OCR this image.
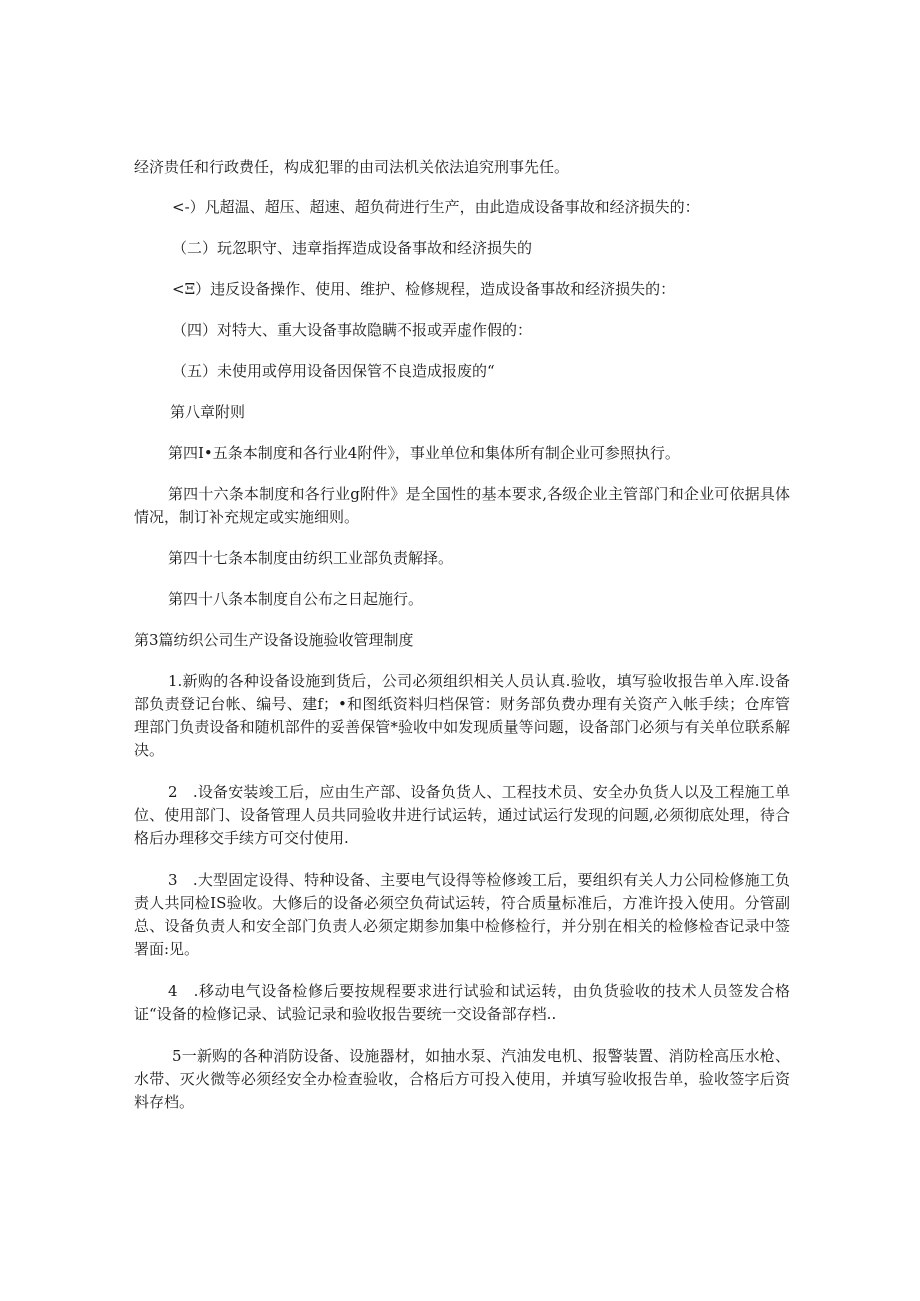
经济贵任和行政费任，构成犯罪的由司法机关依法追究刑事先任。

<-）凡超温、超压、超速、超负荷进行生产，由此造成设备事故和经济损失的：

（二）玩忽职守、违章指挥造成设备事故和经济损失的

<Ξ）违反设备操作、使用、维护、检修规程，造成设备事故和经济损失的：

（四）对特大、重大设备事故隐瞒不报或弄虚作假的：

（五）未使用或停用设备因保管不良造成报废的“

第八章附则

第四I•五条本制度和各行业4附件》，事业单位和集体所有制企业可参照执行。

第四十六条本制度和各行业g附件》是全国性的基本要求,各级企业主管部门和企业可依据具体情况，制订补充规定或实施细则。

第四十七条本制度由纺织工业部负责解择。

第四十八条本制度自公布之日起施行。

第3篇纺织公司生产设备设施验收管理制度

1.新购的各种设备设施到货后，公司必须组织相关人员认真.验收，填写验收报告单入库.设备部负责登记台帐、编号、建f；•和图纸资料归档保管：财务部负费办理有关资产入帐手续；仓库管理部门负责设备和随机部件的妥善保管*验收中如发现质量等问题，设备部门必须与有关单位联系解决。

2　.设备安装竣工后，应由生产部、设备负货人、工程技术员、安全办负货人以及工程施工单位、使用部门、设备管理人员共同验收井进行试运转，通过试运行发现的问题,必须彻底处理，待合格后办理移交手续方可交付使用.

3　.大型固定设得、特种设备、主要电气设得等检修竣工后，要组织有关人力公同检修施工负责人共同检IS验收。大修后的设备必须空负荷试运转，符合质量标准后，方准许投入使用。分管副总、设备负责人和安全部门负责人必须定期参加集中检修检行，并分别在相关的检修检杳记录中签署面:见。

4　.移动电气设备检修后要按规程要求进行试验和试运转，由负货验收的技术人员签发合格证“设备的检修记录、试验记录和验收报告要统一交设备部存档..

5一新购的各种消防设备、设施器材，如抽水泵、汽油发电机、报警装置、消防栓高压水枪、水带、灭火微等必须经安全办检查验收，合格后方可投入使用，并填写验收报告单，验收签字后资料存档。
